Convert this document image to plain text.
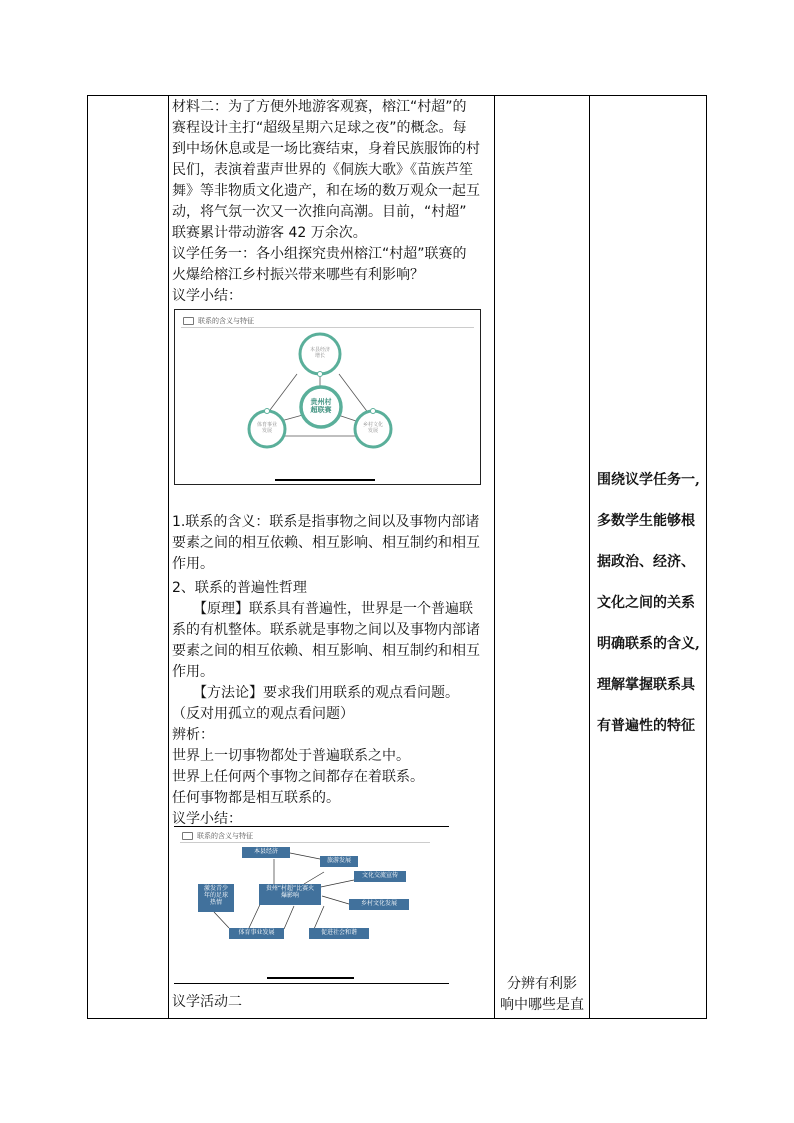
材料二：为了方便外地游客观赛，榕江“村超”的

赛程设计主打“超级星期六足球之夜”的概念。每

到中场休息或是一场比赛结束，身着民族服饰的村

民们，表演着蜚声世界的《侗族大歌》《苗族芦笙

舞》等非物质文化遗产，和在场的数万观众一起互

动，将气氛一次又一次推向高潮。目前，“村超”

联赛累计带动游客 42 万余次。

议学任务一：各小组探究贵州榕江“村超”联赛的

火爆给榕江乡村振兴带来哪些有利影响？

议学小结：

联系的含义与特征
本县经济
增长
体育事业
发展
乡村文化
发展
贵州村
超联赛

1.联系的含义：联系是指事物之间以及事物内部诸

要素之间的相互依赖、相互影响、相互制约和相互

作用。

2、联系的普遍性哲理

　　【原理】联系具有普遍性，世界是一个普遍联

系的有机整体。联系就是事物之间以及事物内部诸

要素之间的相互依赖、相互影响、相互制约和相互

作用。

　　【方法论】要求我们用联系的观点看问题。

（反对用孤立的观点看问题）

辨析：

世界上一切事物都处于普遍联系之中。

世界上任何两个事物之间都存在着联系。

任何事物都是相互联系的。

议学小结：

联系的含义与特征
本县经济
旅游发展
文化交流宣传
贵州“村超”比赛火
爆影响
激发青少
年的足球
热情	乡村文化发展
体育事业发展	促进社会和谐
议学活动二
围绕议学任务一,
多数学生能够根
据政治、经济、
文化之间的关系
明确联系的含义,
理解掌握联系具
有普遍性的特征
分辨有利影
响中哪些是直
